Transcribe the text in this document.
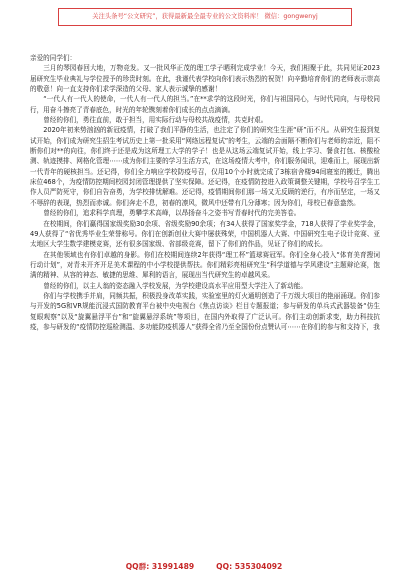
关注头条号“公文研究”，获得最新最全最专业的公文资料库！ 微信：gongwenyj

亲爱的同学们：

三月的琴园春回大地，万物竞发。又一批风华正茂的理工学子晒利完成学业！今天，我们相聚于此，共同见证2023届研究生毕业典礼与学位授予的珍贵时刻。在此，我谨代表学校向你们表示热烈的祝贺！向辛勤培育你们的老师表示崇高的敬意！向一直支持你们求学深造的父母、家人表示诚挚的感谢！

“一代人有一代人的使命，一代人有一代人的担当。”在**求学的这段时光，你们与祖国同心，与时代同向，与母校同行，用奋斗擦亮了青春底色，时光的年轮镌刻着你们成长的点点滴滴。

曾经的你们，勇往直前，敢于担当，用实际行动与母校共战疫情，共克时艰。

2020年初来势汹汹的新冠疫情，打破了我们平静的生活，也注定了你们的研究生生涯“研”而不凡。从研究生报到复试开始，你们成为研究生招生考试历史上第一批采用“网络远程复试”的考生，云端的会面隔不断你们与老师的亲近，阻不断你们对**的向往，你们终于还是成为这所理工大学的学子！也是从这场云端复试开始，线上学习、餐食打包、核酸检测、轨迹摸排、网格化管理⋯⋯成为你们主要的学习生活方式，在这场疫情大考中，你们服务闻讯，迎难而上，展现出新一代青年的硬核担当。还记得，你们全力响应学校防疫号召，仅用10个小时就完成了3栋宿舍楼94间寝室的搬迁，腾出床位468个，为疫情防控期间校园封闭管理提供了坚实保障。还记得，在疫情防控进入政策调整关键期，学校号召学生工作人员严防死守，你们自告奋勇，为学校排忧解难。还记得，疫情期间你们那一场又无反顾的逆行，有序而坚定，一场又不辱辞的表现，热烈而赤诚。你们奔走不息，初春的凛风，微风中还带有几分薄寒；因为你们，母校已春意盎然。

曾经的你们，追求科学真理，勇攀学术高峰，以昂扬奋斗之姿书写青春时代的完美答卷。

在校期间，你们赢得国家级奖励30余项、省级奖励90余项；有34人获得了国家奖学金，718人获得了学业奖学金，49人获得了“省优秀毕业生荣誉称号。你们在创新创业大赛中屡获殊荣，中国机器人大赛、中国研究生电子设计竞赛、亚太地区大学生数学建模竞赛，还有很多国家级、省部级竞赛，留下了你们的作品，见证了你们的成长。

在其他领域也有你们卓越的身影。你们在校期间连续2年获得“理工杯”篮球赛冠军。你们全身心投入“体育美育搜词行动计划”，对青未开齐开足美术课程的中小学校提供帮扶。你们精彩亮相研究生“科学道德与学风建设”主题辩论赛，饱满的精神、从容的神态、敏捷的思维、犀利的语言，展现出当代研究生的卓越风采。

曾经的你们，以主人翁的姿态融入学校发展，为学校建设高水平应用型大学注入了新动能。

你们与学校携手并肩，同频共振，积极投身改革实践，实验室里的灯火通明创造了千万级大项目的艳丽涌现。你们参与开发的5G和VR规能沉浸式国防教育平台被中央电视台《焦点访谈》栏目专题报道；参与研发的单兵式武器装备“仿生复眼观察”以及“旋翼悬浮平台”和“旋翼悬浮系统”等项目，在国内外取得了广泛认可。你们主动创新求变，助力科技抗疫，参与研发的“疫情防控巡检测温、多功能防疫机器人”获得全省乃至全国份份点赞认可⋯⋯在你们的参与和支持下，我

QQ群: 31991489	QQ: 535304092
